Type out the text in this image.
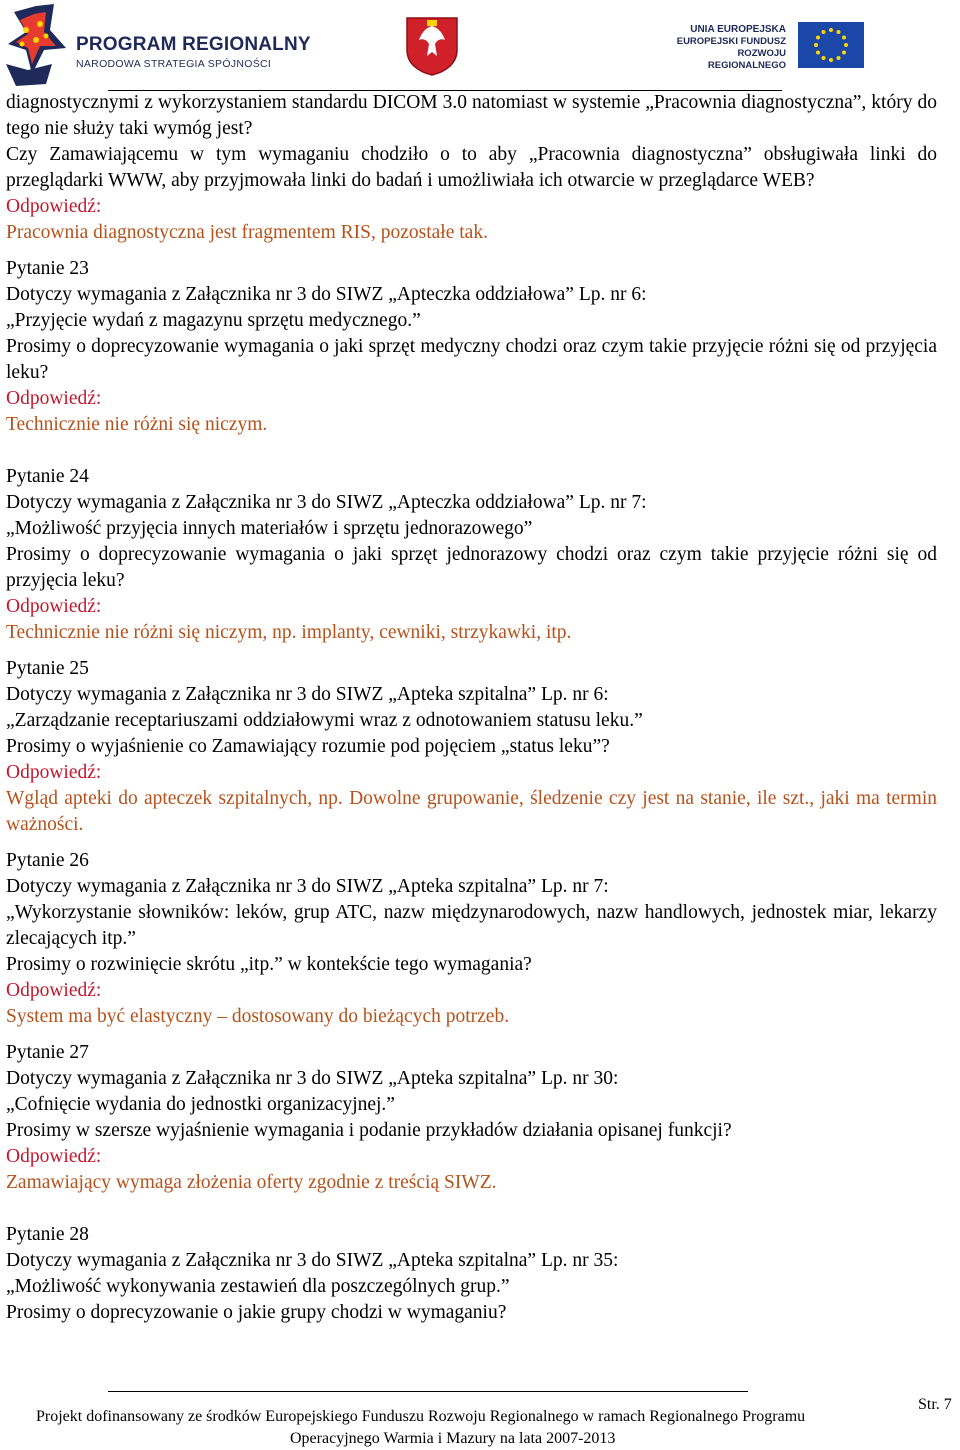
PROGRAM REGIONALNY
NARODOWA STRATEGIA SPÓJNOŚCI
UNIA EUROPEJSKA
EUROPEJSKI FUNDUSZ
ROZWOJU REGIONALNEGO

diagnostycznymi z wykorzystaniem standardu DICOM 3.0 natomiast w systemie „Pracownia diagnostyczna”, który do tego nie służy taki wymóg jest?

Czy Zamawiającemu w tym wymaganiu chodziło o to aby „Pracownia diagnostyczna” obsługiwała linki do przeglądarki WWW, aby przyjmowała linki do badań i umożliwiała ich otwarcie w przeglądarce WEB?

Odpowiedź:

Pracownia diagnostyczna jest fragmentem RIS, pozostałe tak.

Pytanie 23

Dotyczy wymagania z Załącznika nr 3 do SIWZ „Apteczka oddziałowa” Lp. nr 6:

„Przyjęcie wydań z magazynu sprzętu medycznego.”

Prosimy o doprecyzowanie wymagania o jaki sprzęt medyczny chodzi oraz czym takie przyjęcie różni się od przyjęcia leku?

Odpowiedź:

Technicznie nie różni się niczym.

Pytanie 24

Dotyczy wymagania z Załącznika nr 3 do SIWZ „Apteczka oddziałowa” Lp. nr 7:

„Możliwość przyjęcia innych materiałów i sprzętu jednorazowego”

Prosimy o doprecyzowanie wymagania o jaki sprzęt jednorazowy chodzi oraz czym takie przyjęcie różni się od przyjęcia leku?

Odpowiedź:

Technicznie nie różni się niczym, np. implanty, cewniki, strzykawki, itp.

Pytanie 25

Dotyczy wymagania z Załącznika nr 3 do SIWZ „Apteka szpitalna” Lp. nr 6:

„Zarządzanie receptariuszami oddziałowymi wraz z odnotowaniem statusu leku.”

Prosimy o wyjaśnienie co Zamawiający rozumie pod pojęciem „status leku”?

Odpowiedź:

Wgląd apteki do apteczek szpitalnych, np. Dowolne grupowanie, śledzenie czy jest na stanie, ile szt., jaki ma termin ważności.

Pytanie 26

Dotyczy wymagania z Załącznika nr 3 do SIWZ „Apteka szpitalna” Lp. nr 7:

„Wykorzystanie słowników: leków, grup ATC, nazw międzynarodowych, nazw handlowych, jednostek miar, lekarzy zlecających itp.”

Prosimy o rozwinięcie skrótu „itp.” w kontekście tego wymagania?

Odpowiedź:

System ma być elastyczny – dostosowany do bieżących potrzeb.

Pytanie 27

Dotyczy wymagania z Załącznika nr 3 do SIWZ „Apteka szpitalna” Lp. nr 30:

„Cofnięcie wydania do jednostki organizacyjnej.”

Prosimy w szersze wyjaśnienie wymagania i podanie przykładów działania opisanej funkcji?

Odpowiedź:

Zamawiający wymaga złożenia oferty zgodnie z treścią SIWZ.

Pytanie 28

Dotyczy wymagania z Załącznika nr 3 do SIWZ „Apteka szpitalna” Lp. nr 35:

„Możliwość wykonywania zestawień dla poszczególnych grup.”

Prosimy o doprecyzowanie o jakie grupy chodzi w wymaganiu?

Projekt dofinansowany ze środków Europejskiego Funduszu Rozwoju Regionalnego w ramach Regionalnego Programu
Operacyjnego Warmia i Mazury na lata 2007-2013
Str. 7
